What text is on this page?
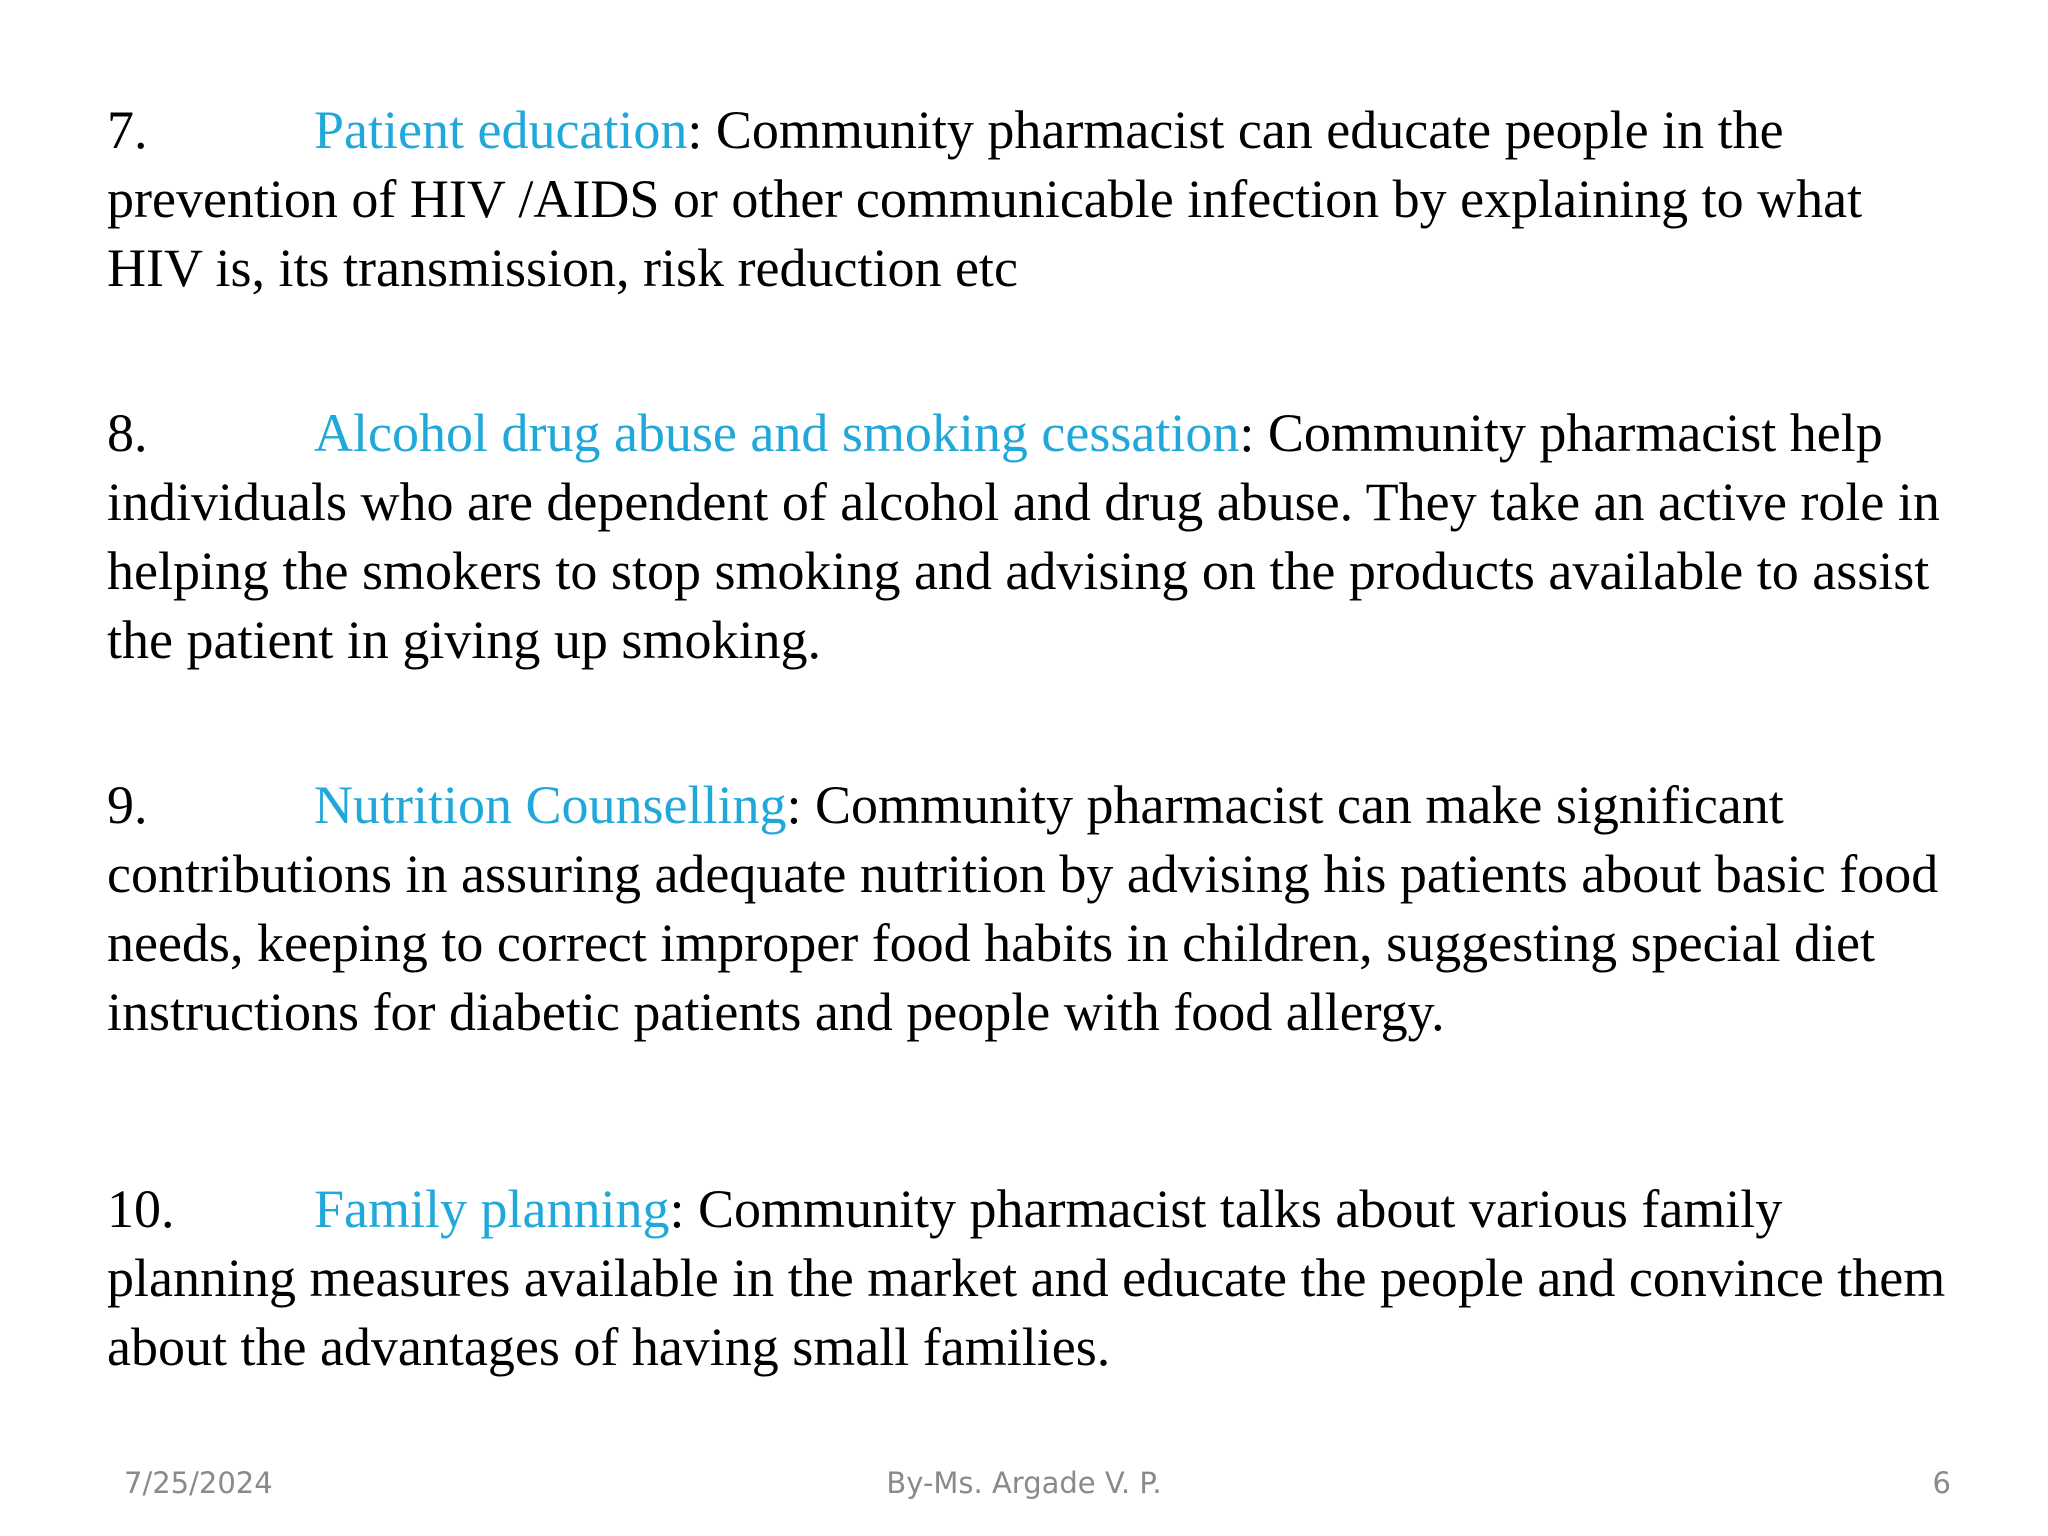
7.	Patient education: Community pharmacist can educate people in the prevention of HIV /AIDS or other communicable infection by explaining to what HIV is, its transmission, risk reduction etc

8.	Alcohol drug abuse and smoking cessation: Community pharmacist help individuals who are dependent of alcohol and drug abuse. They take an active role in helping the smokers to stop smoking and advising on the products available to assist the patient in giving up smoking.

9.	Nutrition Counselling: Community pharmacist can make significant contributions in assuring adequate nutrition by advising his patients about basic food needs, keeping to correct improper food habits in children, suggesting special diet instructions for diabetic patients and people with food allergy.

10.	Family planning: Community pharmacist talks about various family planning measures available in the market and educate the people and convince them about the advantages of having small families.

7/25/2024	By-Ms. Argade V. P.	6
